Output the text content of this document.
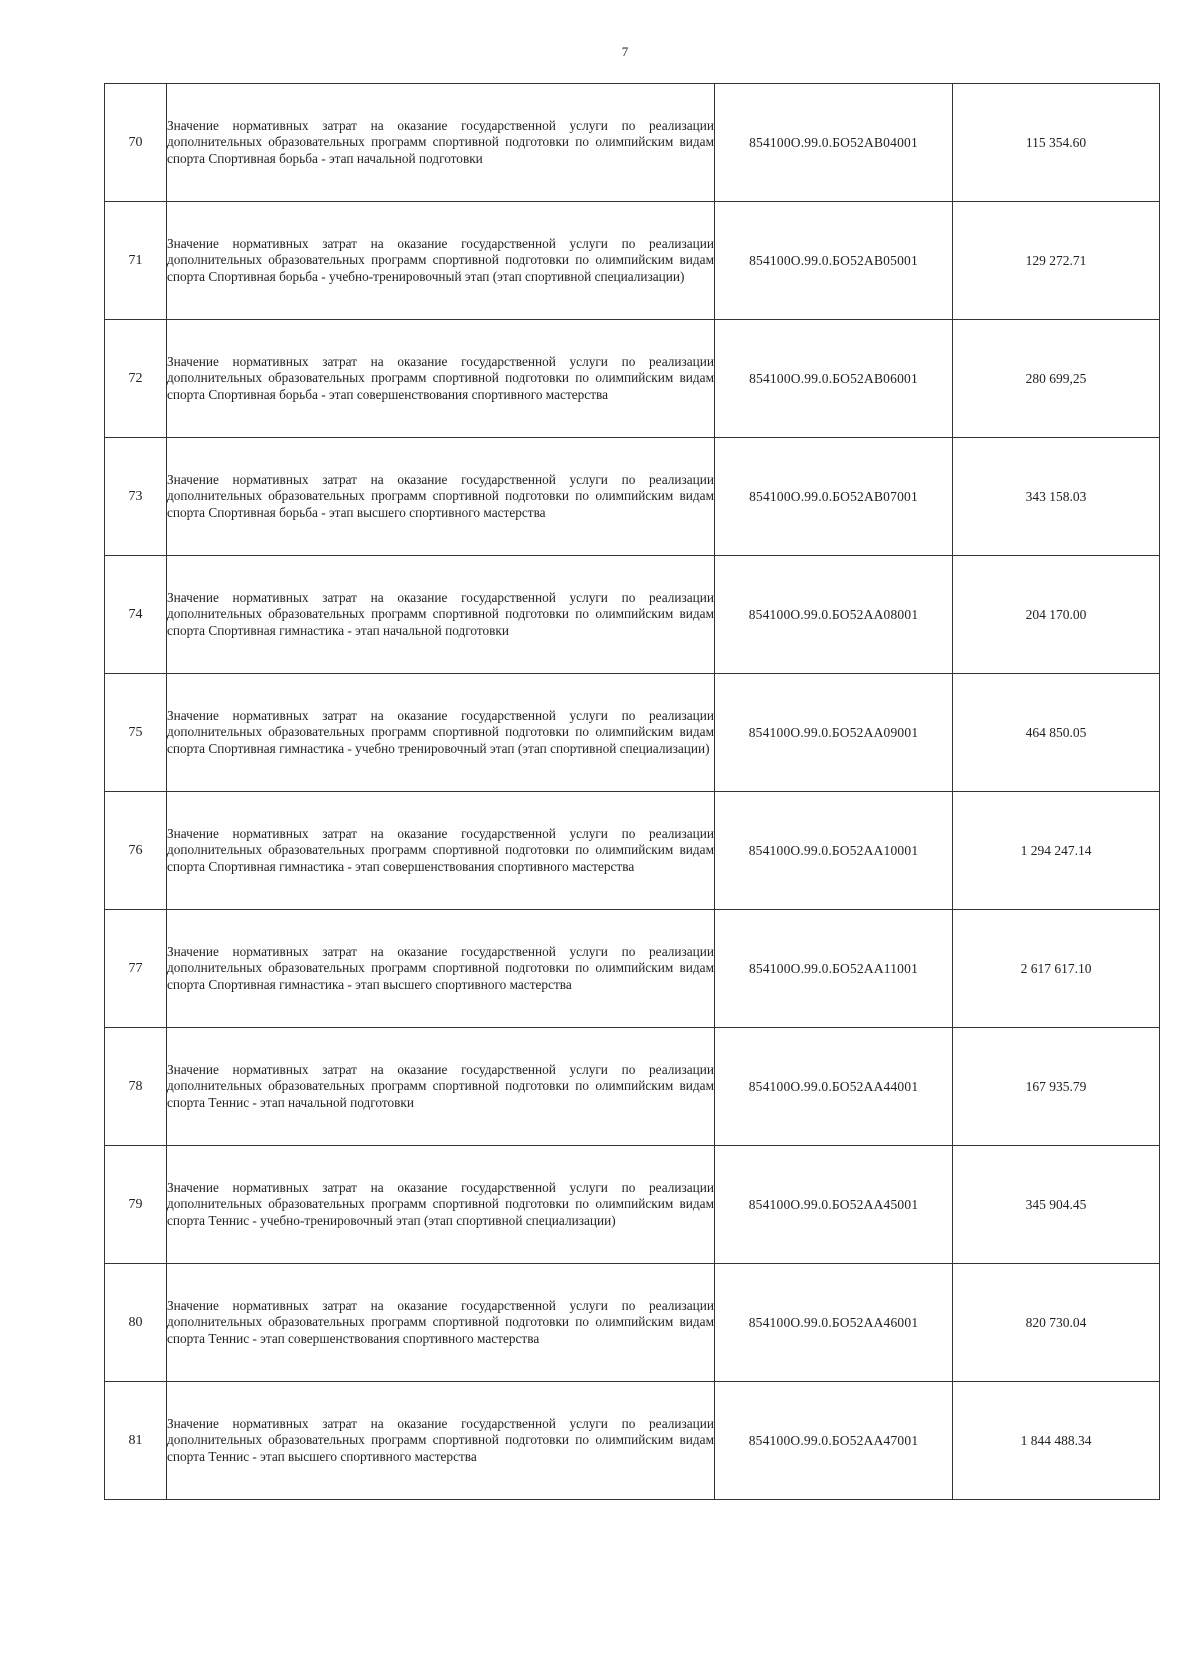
7
70	Значение нормативных затрат на оказание государственной услуги по реализации дополнительных образовательных программ спортивной подготовки по олимпийским видам спорта Спортивная борьба - этап начальной подготовки	854100О.99.0.БО52АВ04001	115 354.60
71	Значение нормативных затрат на оказание государственной услуги по реализации дополнительных образовательных программ спортивной подготовки по олимпийским видам спорта Спортивная борьба - учебно-тренировочный этап (этап спортивной специализации)	854100О.99.0.БО52АВ05001	129 272.71
72	Значение нормативных затрат на оказание государственной услуги по реализации дополнительных образовательных программ спортивной подготовки по олимпийским видам спорта Спортивная борьба - этап совершенствования спортивного мастерства	854100О.99.0.БО52АВ06001	280 699,25
73	Значение нормативных затрат на оказание государственной услуги по реализации дополнительных образовательных программ спортивной подготовки по олимпийским видам спорта Спортивная борьба - этап высшего спортивного мастерства	854100О.99.0.БО52АВ07001	343 158.03
74	Значение нормативных затрат на оказание государственной услуги по реализации дополнительных образовательных программ спортивной подготовки по олимпийским видам спорта Спортивная гимнастика - этап начальной подготовки	854100О.99.0.БО52АА08001	204 170.00
75	Значение нормативных затрат на оказание государственной услуги по реализации дополнительных образовательных программ спортивной подготовки по олимпийским видам спорта Спортивная гимнастика - учебно тренировочный этап (этап спортивной специализации)	854100О.99.0.БО52АА09001	464 850.05
76	Значение нормативных затрат на оказание государственной услуги по реализации дополнительных образовательных программ спортивной подготовки по олимпийским видам спорта Спортивная гимнастика - этап совершенствования спортивного мастерства	854100О.99.0.БО52АА10001	1 294 247.14
77	Значение нормативных затрат на оказание государственной услуги по реализации дополнительных образовательных программ спортивной подготовки по олимпийским видам спорта Спортивная гимнастика - этап высшего спортивного мастерства	854100О.99.0.БО52АА11001	2 617 617.10
78	Значение нормативных затрат на оказание государственной услуги по реализации дополнительных образовательных программ спортивной подготовки по олимпийским видам спорта Теннис - этап начальной подготовки	854100О.99.0.БО52АА44001	167 935.79
79	Значение нормативных затрат на оказание государственной услуги по реализации дополнительных образовательных программ спортивной подготовки по олимпийским видам спорта Теннис - учебно-тренировочный этап (этап спортивной специализации)	854100О.99.0.БО52АА45001	345 904.45
80	Значение нормативных затрат на оказание государственной услуги по реализации дополнительных образовательных программ спортивной подготовки по олимпийским видам спорта Теннис - этап совершенствования спортивного мастерства	854100О.99.0.БО52АА46001	820 730.04
81	Значение нормативных затрат на оказание государственной услуги по реализации дополнительных образовательных программ спортивной подготовки по олимпийским видам спорта Теннис - этап высшего спортивного мастерства	854100О.99.0.БО52АА47001	1 844 488.34
